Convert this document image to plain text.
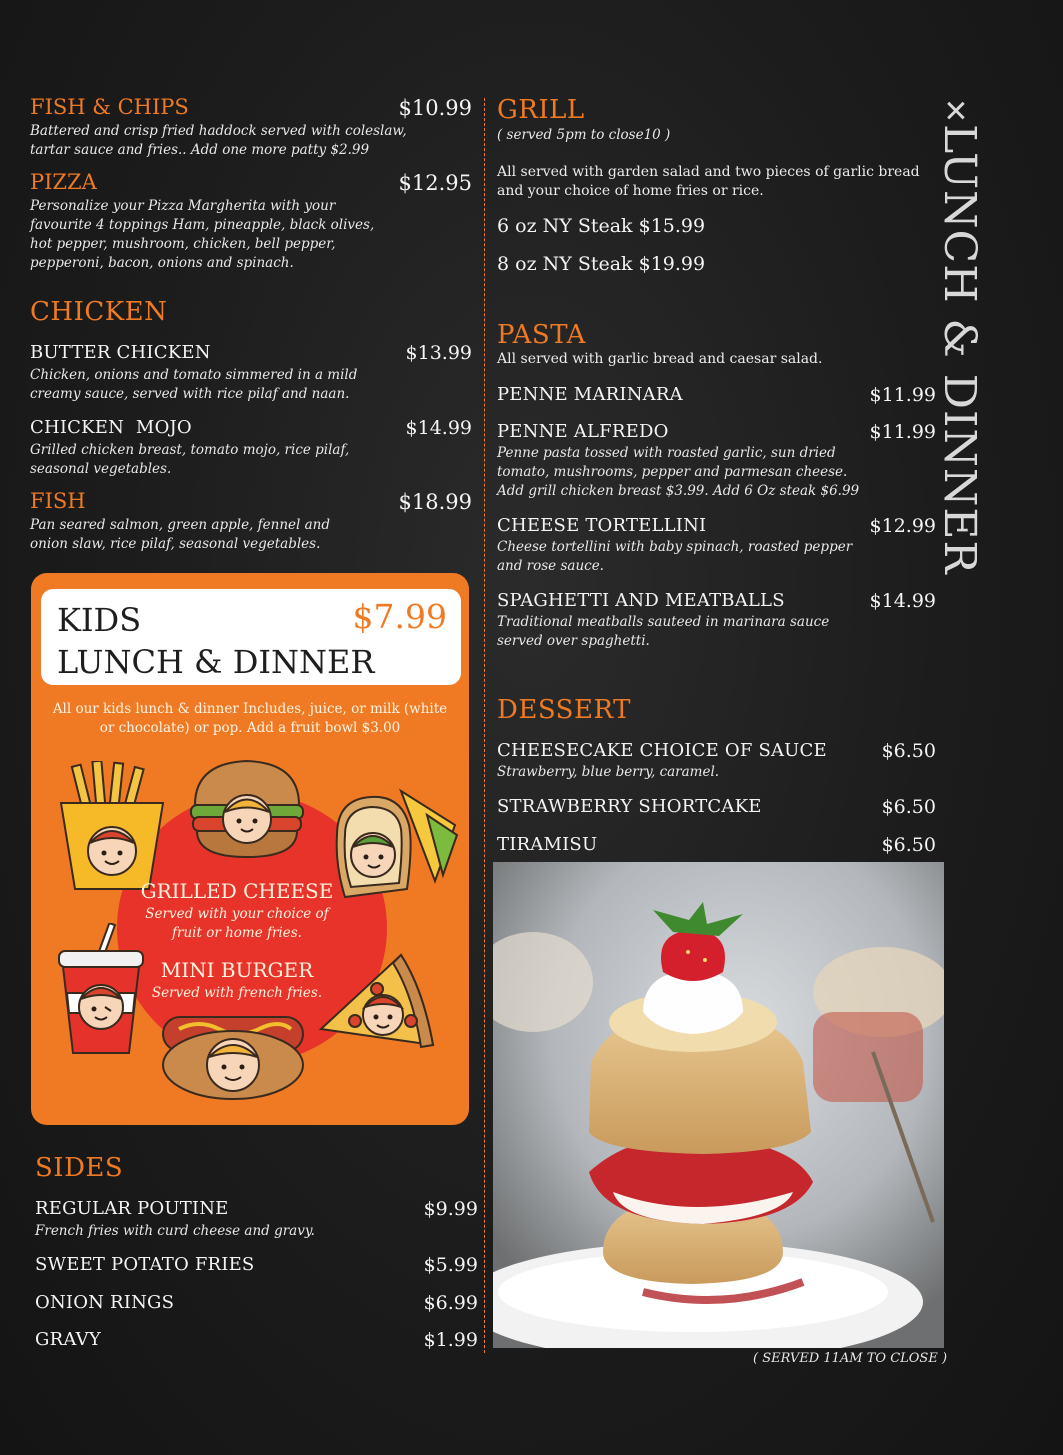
FISH & CHIPS	$10.99
Battered and crisp fried haddock served with coleslaw, tartar sauce and fries.. Add one more patty $2.99
PIZZA	$12.95
Personalize your Pizza Margherita with your favourite 4 toppings Ham, pineapple, black olives, hot pepper, mushroom, chicken, bell pepper, pepperoni, bacon, onions and spinach.
CHICKEN
BUTTER CHICKEN	$13.99
Chicken, onions and tomato simmered in a mild creamy sauce, served with rice pilaf and naan.
CHICKEN  MOJO	$14.99
Grilled chicken breast, tomato mojo, rice pilaf, seasonal vegetables.
FISH	$18.99
Pan seared salmon, green apple, fennel and onion slaw, rice pilaf, seasonal vegetables.
KIDS
LUNCH & DINNER
$7.99
All our kids lunch & dinner Includes, juice, or milk (white or chocolate) or pop. Add a fruit bowl $3.00
GRILLED CHEESE
Served with your choice of fruit or home fries.
MINI BURGER
Served with french fries.
SIDES
REGULAR POUTINE	$9.99
French fries with curd cheese and gravy.
SWEET POTATO FRIES	$5.99
ONION RINGS	$6.99
GRAVY	$1.99
GRILL
( served 5pm to close10 )
All served with garden salad and two pieces of garlic bread and your choice of home fries or rice.
6 oz NY Steak $15.99
8 oz NY Steak $19.99
PASTA
All served with garlic bread and caesar salad.
PENNE MARINARA	$11.99
PENNE ALFREDO	$11.99
Penne pasta tossed with roasted garlic, sun dried tomato, mushrooms, pepper and parmesan cheese. Add grill chicken breast $3.99. Add 6 Oz steak $6.99
CHEESE TORTELLINI	$12.99
Cheese tortellini with baby spinach, roasted pepper and rose sauce.
SPAGHETTI AND MEATBALLS	$14.99
Traditional meatballs sauteed in marinara sauce served over spaghetti.
DESSERT
CHEESECAKE CHOICE OF SAUCE	$6.50
Strawberry, blue berry, caramel.
STRAWBERRY SHORTCAKE	$6.50
TIRAMISU	$6.50
✕LUNCH & DINNER
( SERVED 11AM TO CLOSE )
